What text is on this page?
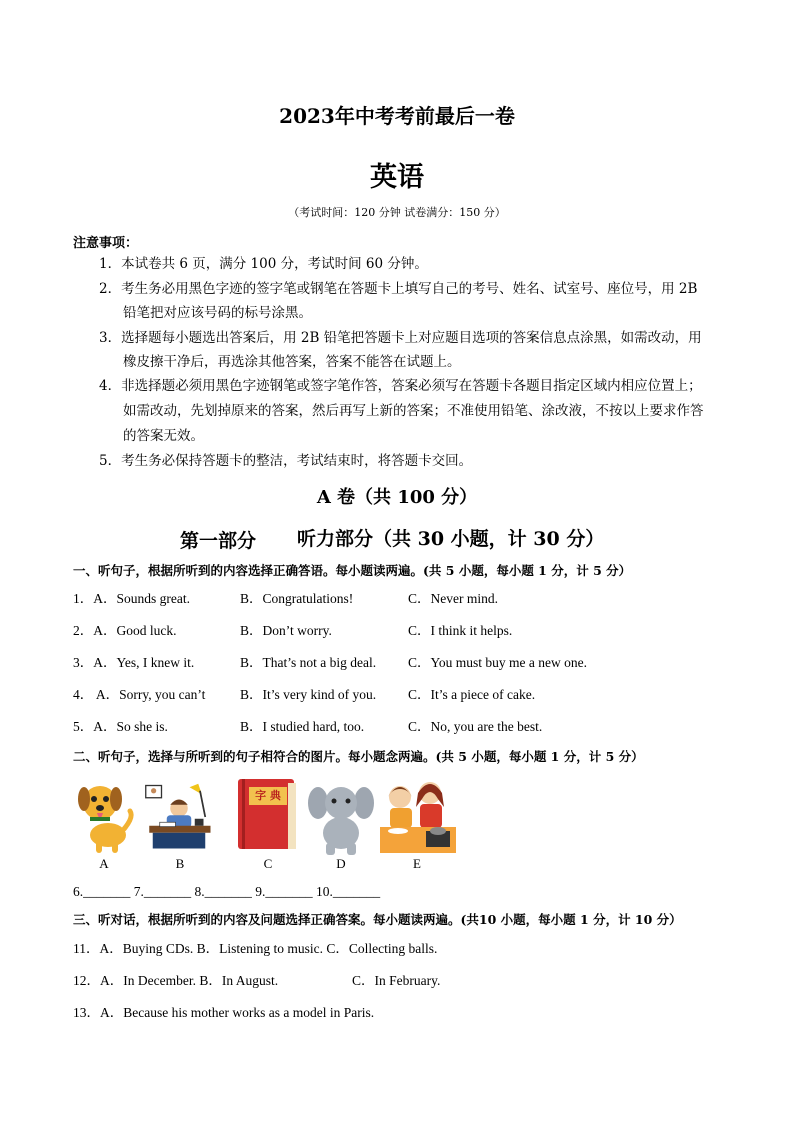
2023年中考考前最后一卷
英语
（考试时间：120 分钟 试卷满分：150 分）
注意事项：
1．本试卷共 6 页，满分 100 分，考试时间 60 分钟。
2．考生务必用黑色字迹的签字笔或钢笔在答题卡上填写自己的考号、姓名、试室号、座位号，用 2B
铅笔把对应该号码的标号涂黑。
3．选择题每小题选出答案后，用 2B 铅笔把答题卡上对应题目选项的答案信息点涂黑，如需改动，用
橡皮擦干净后，再选涂其他答案，答案不能答在试题上。
4．非选择题必须用黑色字迹钢笔或签字笔作答，答案必须写在答题卡各题目指定区域内相应位置上；
如需改动，先划掉原来的答案，然后再写上新的答案；不准使用铅笔、涂改液，不按以上要求作答
的答案无效。
5．考生务必保持答题卡的整洁，考试结束时，将答题卡交回。
A 卷（共 100 分）
第一部分 听力部分（共 30 小题，计 30 分）
一、听句子，根据所听到的内容选择正确答语。每小题读两遍。(共 5 小题，每小题 1 分，计 5 分）
1．A．Sounds great.	B．Congratulations!	C．Never mind.
2．A．Good luck.	B．Don’t worry.	C．I think it helps.
3．A．Yes, I knew it.	B．That’s not a big deal. C．You must buy me a new one.
4． A．Sorry, you can’t	B．It’s very kind of you. C．It’s a piece of cake.
5．A．So she is.	B．I studied hard, too.	C．No, you are the best.
二、听句子，选择与所听到的句子相符合的图片。每小题念两遍。(共 5 小题，每小题 1 分，计 5 分）
A	B
字 典
C	D	E
6._______ 7._______ 8._______ 9._______ 10._______
三、听对话，根据所听到的内容及问题选择正确答案。每小题读两遍。(共10 小题，每小题 1 分，计 10 分）
11．A．Buying CDs. B．Listening to music. C．Collecting balls.
12．A．In December. B．In August.	C．In February.
13．A．Because his mother works as a model in Paris.
